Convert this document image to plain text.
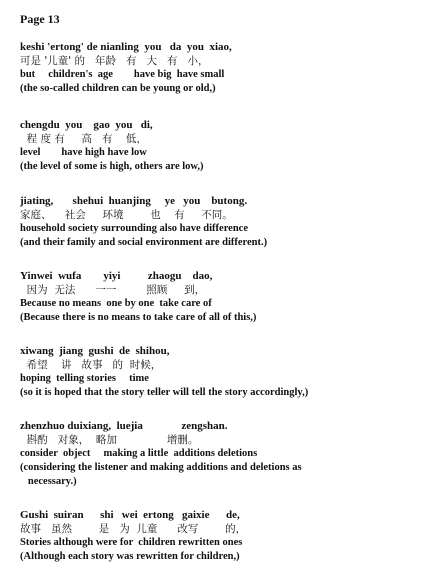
Page 13
keshi 'ertong' de nianling  you   da  you  xiao,
可是 '儿童' 的   年龄   有   大   有   小，
but     children's  age        have big  have small
(the so-called children can be young or old,)
chengdu  you    gao  you   di,
程 度 有     高   有    低，
level        have high have low
(the level of some is high, others are low,)
jiating,       shehui  huanjing     ye   you    butong.
家庭、    社会     环境        也    有     不同。
household society surrounding also have difference
(and their family and social environment are different.)
Yinwei  wufa        yiyi          zhaogu    dao,
因为  无法      一一         照顾     到，
Because no means  one by one  take care of
(Because there is no means to take care of all of this,)
xiwang  jiang  gushi  de  shihou,
希望    讲   故事   的  时候，
hoping  telling stories     time
(so it is hoped that the story teller will tell the story accordingly,)
zhenzhuo duixiang,  luejia              zengshan.
斟酌   对象，  略加               增删。
consider  object     making a little  additions deletions
(considering the listener and making additions and deletions as
necessary.)
Gushi  suiran      shi   wei  ertong   gaixie      de,
故事   虽然        是   为  儿童      改写        的，
Stories although were for  children rewritten ones
(Although each story was rewritten for children,)
